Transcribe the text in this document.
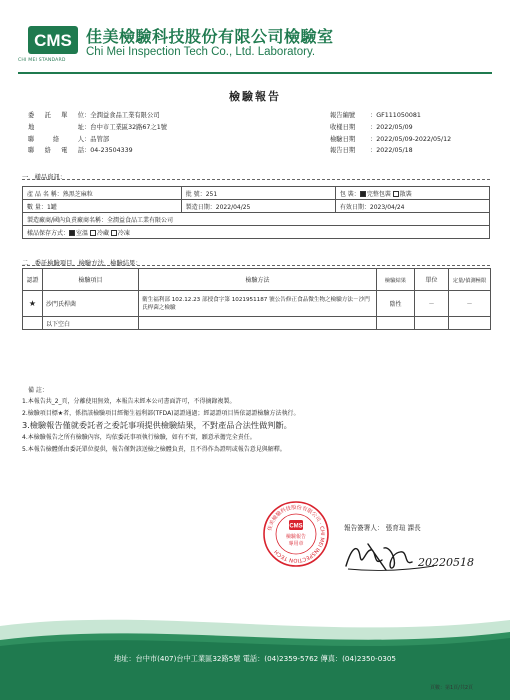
CMS
CHI MEI STANDARD
佳美檢驗科技股份有限公司檢驗室
Chi Mei Inspection Tech Co., Ltd. Laboratory.
檢驗報告
委託單位 ： 全潤益食品工業有限公司
地 址 ： 台中市工業區32路67之1號
聯 絡 人 ： 品管部
聯絡電話 ： 04-23504339
報告編號	： GF111050081
收樣日期	： 2022/05/09
檢驗日期	： 2022/05/09-2022/05/12
報告日期	： 2022/05/18
一、樣品資訊：
產 品 名 稱：熟黑芝麻粒	批 號：251	包 裝： 完整包裝 散裝
數 量：1罐	製造日期：2022/04/25	有效日期：2023/04/24
製造廠商/國內負責廠商名稱：全潤益食品工業有限公司		
樣品保存方式： 室溫 冷藏 冷凍		
二、委託檢驗項目、檢驗方法、檢驗結果：
認證	檢驗項目	檢驗方法	檢驗結果	單位	定量/偵測極限
★	沙門氏桿菌	衛生福利部 102.12.23 部授食字第 1021951187 號公告修正食品微生物之檢驗方法－沙門氏桿菌之檢驗	陰性	－	－
	以下空白				
備 註：
1.本報告共_2_頁，分離使用無效，本報告未經本公司書面許可，不得摘錄複製。
2.檢驗項目標★者，係指該檢驗項目經衛生福利部(TFDA)認證通過；經認證項目皆依認證檢驗方法執行。
3.檢驗報告僅就委託者之委託事項提供檢驗結果，不對產品合法性做判斷。
4.本檢驗報告之所有檢驗內容，均依委託事項執行檢驗，如有不實，願意承擔完全責任。
5.本報告檢體係由委託單位提供，報告僅對該送檢之檢體負責，且不得作為證明或報告意見與解釋。
佳美檢驗科技股份有限公司 · CHI MEI INSPECTION TECH
CMS
檢驗報告
專用章
報告簽署人： 張育瑄 課長
20220518
地址：台中市(407)台中工業區32路5號 電話：(04)2359-5762 傳真：(04)2350-0305
頁數：第1頁/共2頁
